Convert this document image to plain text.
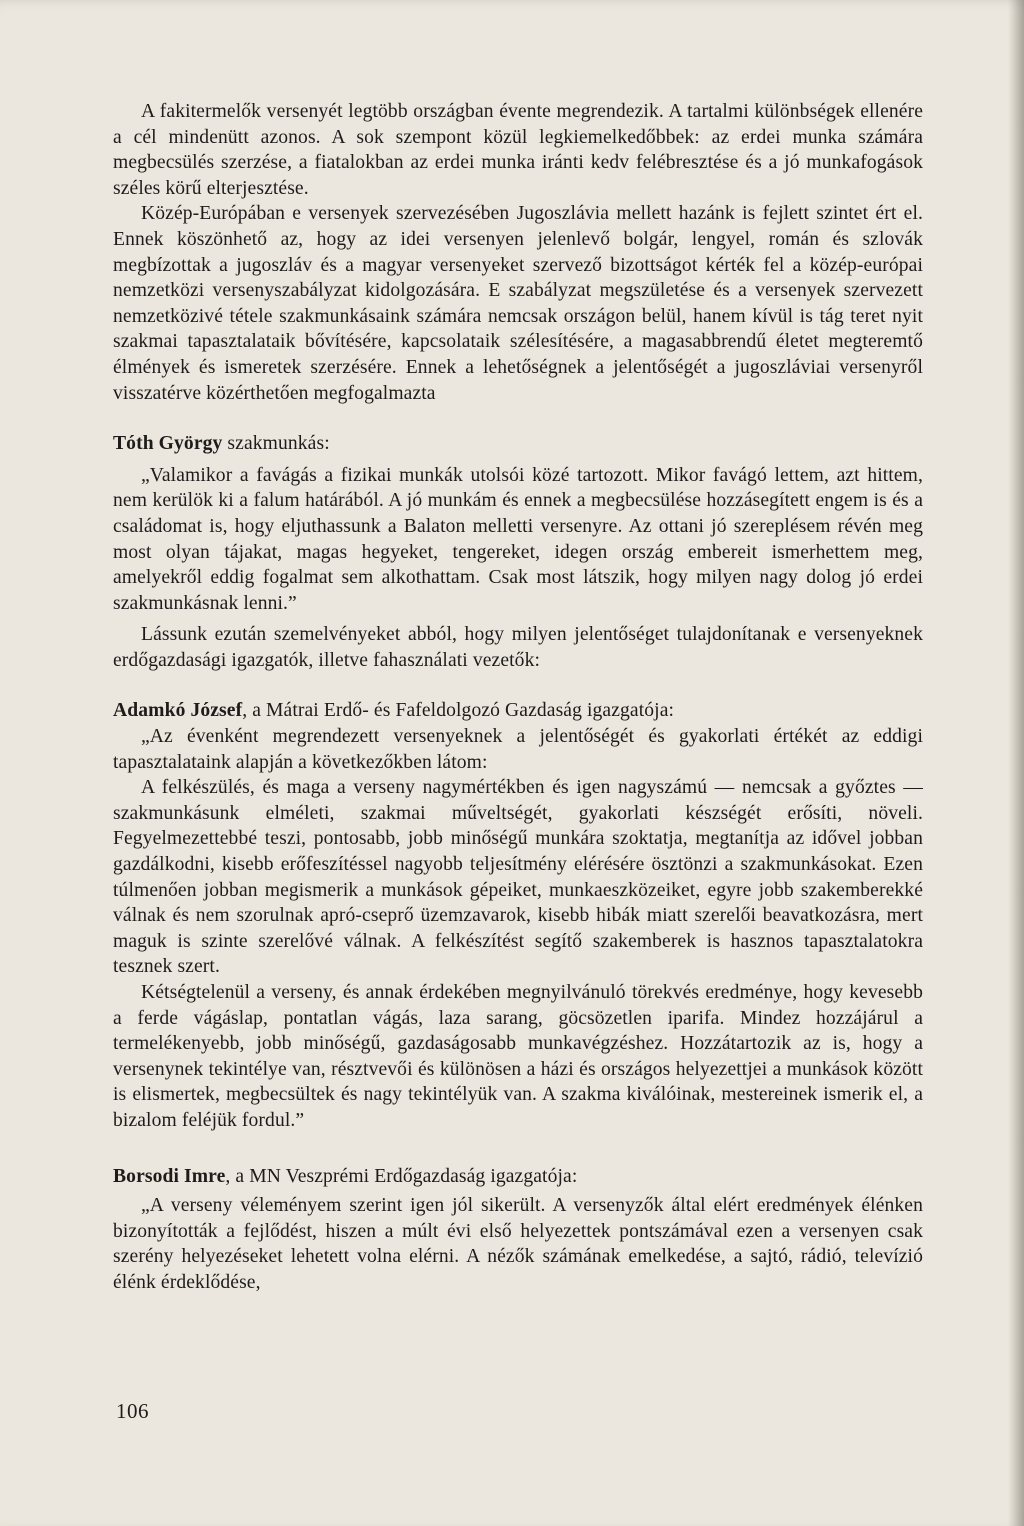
A fakitermelők versenyét legtöbb országban évente megrendezik. A tartalmi különbségek ellenére a cél mindenütt azonos. A sok szempont közül legkiemelkedőbbek: az erdei munka számára megbecsülés szerzése, a fiatalokban az erdei munka iránti kedv felébresztése és a jó munkafogások széles körű elterjesztése.

Közép-Európában e versenyek szervezésében Jugoszlávia mellett hazánk is fejlett szintet ért el. Ennek köszönhető az, hogy az idei versenyen jelenlevő bolgár, lengyel, román és szlovák megbízottak a jugoszláv és a magyar versenyeket szervező bizottságot kérték fel a közép-európai nemzetközi versenyszabályzat kidolgozására. E szabályzat megszületése és a versenyek szervezett nemzetközivé tétele szakmunkásaink számára nemcsak országon belül, hanem kívül is tág teret nyit szakmai tapasztalataik bővítésére, kapcsolataik szélesítésére, a magasabbrendű életet megteremtő élmények és ismeretek szerzésére. Ennek a lehetőségnek a jelentőségét a jugoszláviai versenyről visszatérve közérthetően megfogalmazta

Tóth György szakmunkás:

„Valamikor a favágás a fizikai munkák utolsói közé tartozott. Mikor favágó lettem, azt hittem, nem kerülök ki a falum határából. A jó munkám és ennek a megbecsülése hozzásegített engem is és a családomat is, hogy eljuthassunk a Balaton melletti versenyre. Az ottani jó szereplésem révén meg most olyan tájakat, magas hegyeket, tengereket, idegen ország embereit ismerhettem meg, amelyekről eddig fogalmat sem alkothattam. Csak most látszik, hogy milyen nagy dolog jó erdei szakmunkásnak lenni.”

Lássunk ezután szemelvényeket abból, hogy milyen jelentőséget tulajdonítanak e versenyeknek erdőgazdasági igazgatók, illetve fahasználati vezetők:

Adamkó József, a Mátrai Erdő- és Fafeldolgozó Gazdaság igazgatója:

„Az évenként megrendezett versenyeknek a jelentőségét és gyakorlati értékét az eddigi tapasztalataink alapján a következőkben látom:

A felkészülés, és maga a verseny nagymértékben és igen nagyszámú — nemcsak a győztes — szakmunkásunk elméleti, szakmai műveltségét, gyakorlati készségét erősíti, növeli. Fegyelmezettebbé teszi, pontosabb, jobb minőségű munkára szoktatja, megtanítja az idővel jobban gazdálkodni, kisebb erőfeszítéssel nagyobb teljesítmény elérésére ösztönzi a szakmunkásokat. Ezen túlmenően jobban megismerik a munkások gépeiket, munkaeszközeiket, egyre jobb szakemberekké válnak és nem szorulnak apró-cseprő üzemzavarok, kisebb hibák miatt szerelői beavatkozásra, mert maguk is szinte szerelővé válnak. A felkészítést segítő szakemberek is hasznos tapasztalatokra tesznek szert.

Kétségtelenül a verseny, és annak érdekében megnyilvánuló törekvés eredménye, hogy kevesebb a ferde vágáslap, pontatlan vágás, laza sarang, göcsözetlen iparifa. Mindez hozzájárul a termelékenyebb, jobb minőségű, gazdaságosabb munkavégzéshez. Hozzátartozik az is, hogy a versenynek tekintélye van, résztvevői és különösen a házi és országos helyezettjei a munkások között is elismertek, megbecsültek és nagy tekintélyük van. A szakma kiválóinak, mestereinek ismerik el, a bizalom feléjük fordul.”

Borsodi Imre, a MN Veszprémi Erdőgazdaság igazgatója:

„A verseny véleményem szerint igen jól sikerült. A versenyzők által elért eredmények élénken bizonyították a fejlődést, hiszen a múlt évi első helyezettek pontszámával ezen a versenyen csak szerény helyezéseket lehetett volna elérni. A nézők számának emelkedése, a sajtó, rádió, televízió élénk érdeklődése,

106
